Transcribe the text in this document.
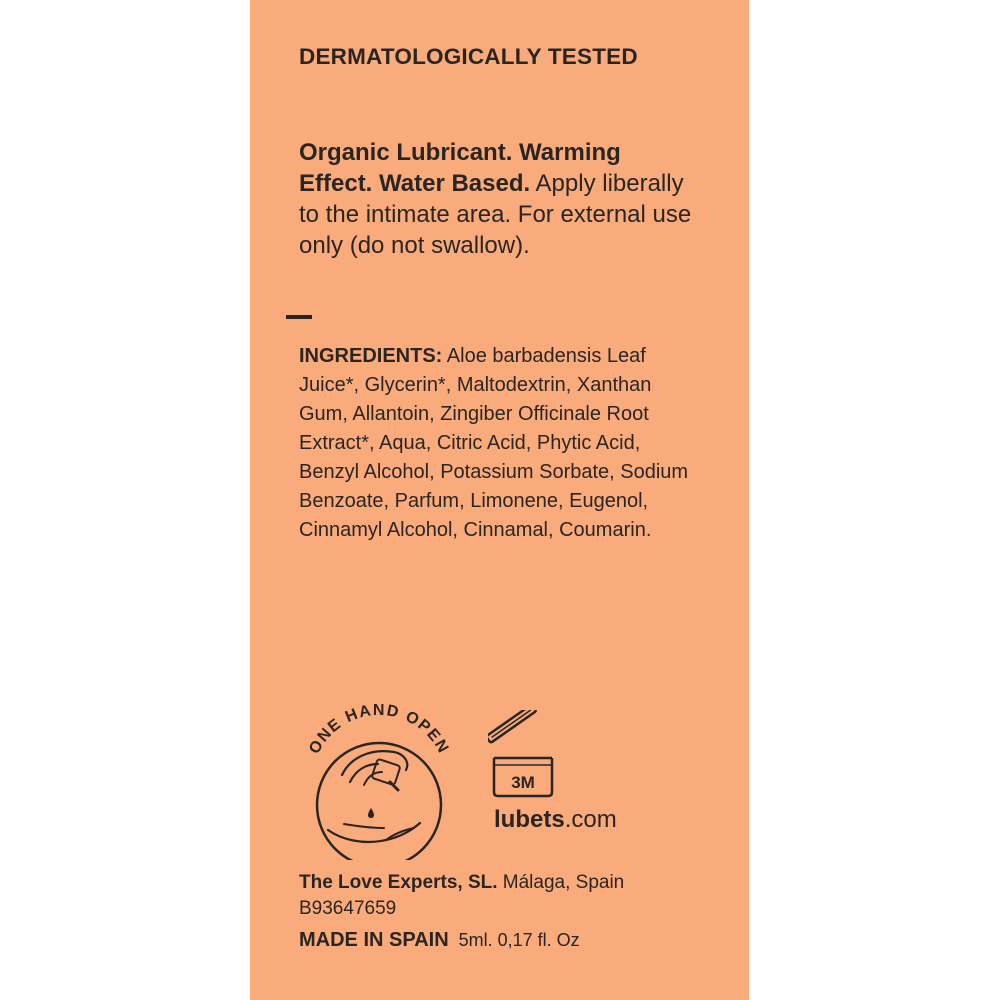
DERMATOLOGICALLY TESTED
Organic Lubricant. Warming Effect. Water Based. Apply liberally to the intimate area. For external use only (do not swallow).
INGREDIENTS: Aloe barbadensis Leaf Juice*, Glycerin*, Maltodextrin, Xanthan Gum, Allantoin, Zingiber Officinale Root Extract*, Aqua, Citric Acid, Phytic Acid, Benzyl Alcohol, Potassium Sorbate, Sodium Benzoate, Parfum, Limonene, Eugenol, Cinnamyl Alcohol, Cinnamal, Coumarin.
ONE HAND OPEN
3M
lubets.com
The Love Experts, SL. Málaga, Spain
B93647659
MADE IN SPAIN 5ml. 0,17 fl. Oz
